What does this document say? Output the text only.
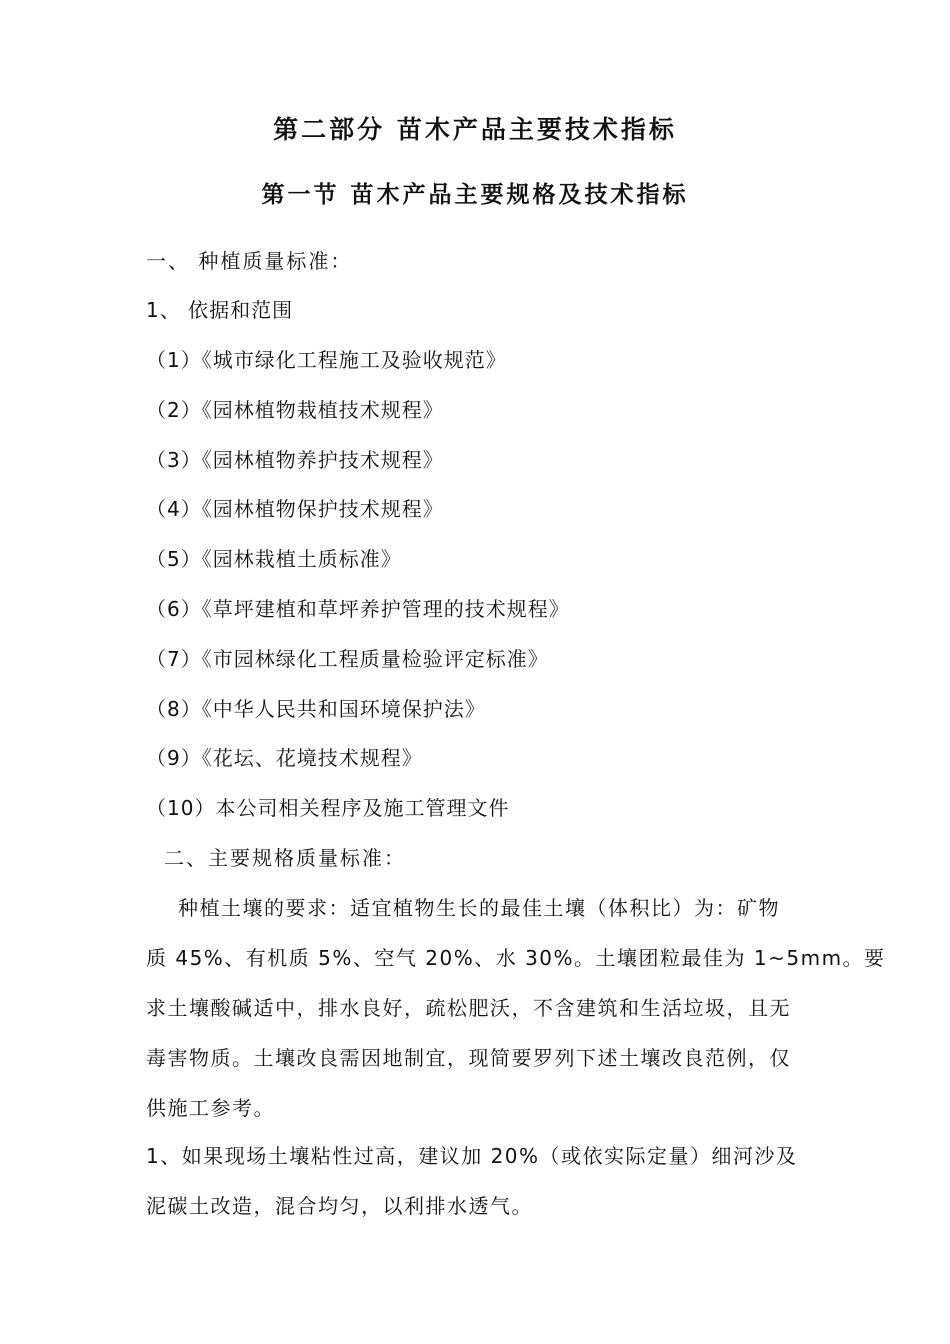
第二部分 苗木产品主要技术指标
第一节 苗木产品主要规格及技术指标
一、 种植质量标准：
1、 依据和范围
（1）《城市绿化工程施工及验收规范》
（2）《园林植物栽植技术规程》
（3）《园林植物养护技术规程》
（4）《园林植物保护技术规程》
（5）《园林栽植土质标准》
（6）《草坪建植和草坪养护管理的技术规程》
（7）《市园林绿化工程质量检验评定标准》
（8）《中华人民共和国环境保护法》
（9）《花坛、花境技术规程》
（10）本公司相关程序及施工管理文件
二、主要规格质量标准：
种植土壤的要求：适宜植物生长的最佳土壤（体积比）为：矿物
质 45%、有机质 5%、空气 20%、水 30%。土壤团粒最佳为 1~5mm。要
求土壤酸碱适中，排水良好，疏松肥沃，不含建筑和生活垃圾，且无
毒害物质。土壤改良需因地制宜，现简要罗列下述土壤改良范例，仅
供施工参考。
1、如果现场土壤粘性过高，建议加 20%（或依实际定量）细河沙及
泥碳土改造，混合均匀，以利排水透气。
